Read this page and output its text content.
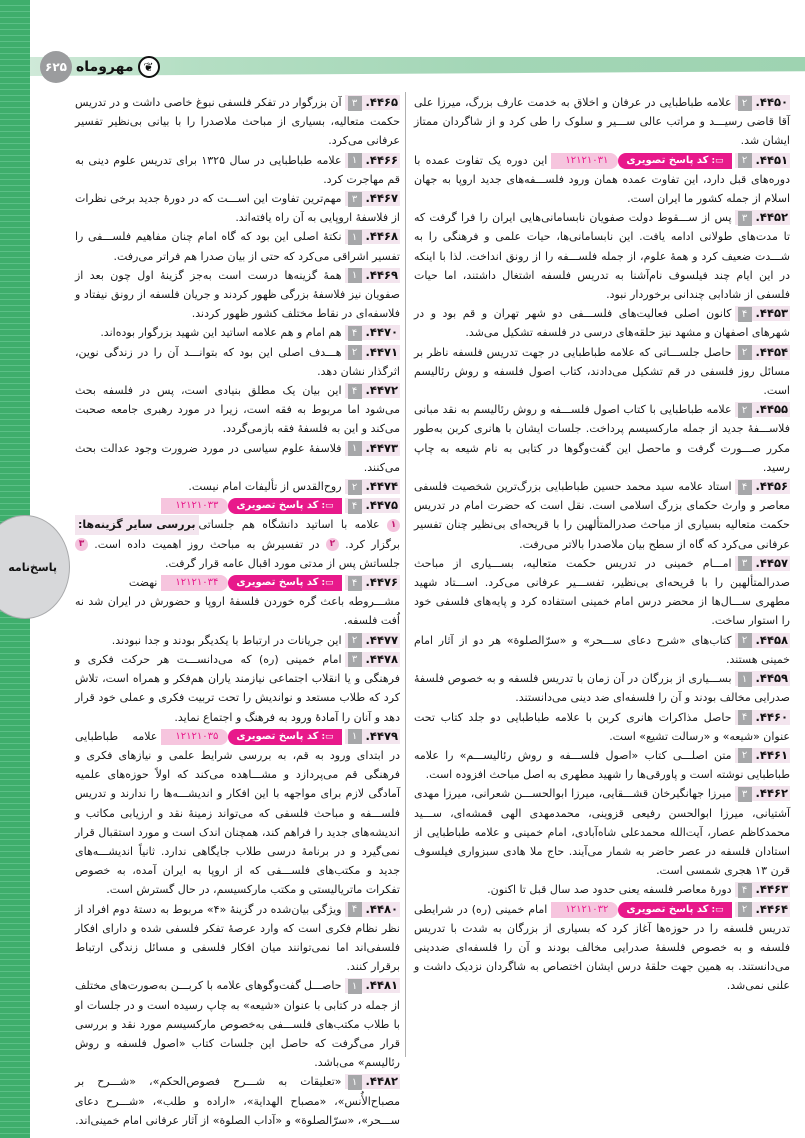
۶۲۵ مهروماه ❦
پاسخ‌نامه
۴۴۵۰.۲علامه طباطبایی در عرفان و اخلاق به خدمت عارف بزرگ، میرزا علی آقا قاضی رسیـــد و مراتب عالی ســـیر و سلوک را طی کرد و از شاگردان ممتاز ایشان شد.
۴۴۵۱.۲
▭:کد پاسخ تصویری
۱۲۱۲۱۰۳۱
این دوره یک تفاوت عمده با دوره‌های قبل دارد، این تفاوت عمده همان ورود فلســـفه‌های جدید اروپا به جهان اسلام از جمله کشور ما ایران است.
۴۴۵۲.۳پس از ســـقوط دولت صفویان نابسامانی‌هایی ایران را فرا گرفت که تا مدت‌های طولانی ادامه یافت. این نابسامانی‌ها، حیات علمی و فرهنگی را به شـــدت ضعیف کرد و همهٔ علوم، از جمله فلســـفه را از رونق انداخت. لذا با اینکه در این ایام چند فیلسوف نام‌آشنا به تدریس فلسفه اشتغال داشتند، اما حیات فلسفی از شادابی چندانی برخوردار نبود.
۴۴۵۳.۴کانون اصلی فعالیت‌های فلســـفی دو شهر تهران و قم بود و در شهرهای اصفهان و مشهد نیز حلقه‌های درسی در فلسفه تشکیل می‌شد.
۴۴۵۴.۲حاصل جلســـاتی که علامه طباطبایی در جهت تدریس فلسفه ناظر بر مسائل روز فلسفی در قم تشکیل می‌دادند، کتاب اصول فلسفه و روش رئالیسم است.
۴۴۵۵.۲علامه طباطبایی با کتاب اصول فلســـفه و روش رئالیسم به نقد مبانی فلاســـفهٔ جدید از جمله مارکسیسم پرداخت. جلسات ایشان با هانری کربن به‌طور مکرر صـــورت گرفت و ماحصل این گفت‌وگوها در کتابی به نام شیعه به چاپ رسید.
۴۴۵۶.۴استاد علامه سید محمد حسین طباطبایی بزرگ‌ترین شخصیت فلسفی معاصر و وارث حکمای بزرگ اسلامی است. نقل است که حضرت امام در تدریس حکمت متعالیه بسیاری از مباحث صدرالمتألهین را با قریحه‌ای بی‌نظیر چنان تفسیر عرفانی می‌کرد که گاه از سطح بیان ملاصدرا بالاتر می‌رفت.
۴۴۵۷.۳امـــام خمینی در تدریس حکمت متعالیه، بســـیاری از مباحث صدرالمتألهین را با قریحه‌ای بی‌نظیر، تفســـیر عرفانی می‌کرد. اســـتاد شهید مطهری ســـال‌ها از محضر درس امام خمینی استفاده کرد و پایه‌های فلسفی خود را استوار ساخت.
۴۴۵۸.۲کتاب‌های «شرح دعای ســـحر» و «سرّالصلوة» هر دو از آثار امام خمینی هستند.
۴۴۵۹.۱بســـیاری از بزرگان در آن زمان با تدریس فلسفه و به خصوص فلسفهٔ صدرایی مخالف بودند و آن را فلسفه‌ای ضد دینی می‌دانستند.
۴۴۶۰.۴حاصل مذاکرات هانری کربن با علامه طباطبایی دو جلد کتاب تحت عنوان «شیعه» و «رسالت تشیع» است.
۴۴۶۱.۲متن اصلـــی کتاب «اصول فلســـفه و روش رئالیســـم» را علامه طباطبایی نوشته است و پاورقی‌ها را شهید مطهری به اصل مباحث افزوده است.
۴۴۶۲.۳میرزا جهانگیرخان قشـــقایی، میرزا ابوالحســـن شعرانی، میرزا مهدی آشتیانی، میرزا ابوالحسن رفیعی قزوینی، محمدمهدی الهی قمشه‌ای، ســـید محمدکاظم عصار، آیت‌الله محمدعلی شاه‌آبادی، امام خمینی و علامه طباطبایی از استادان فلسفه در عصر حاضر به شمار می‌آیند. حاج ملا هادی سبزواری فیلسوف قرن ۱۳ هجری شمسی است.
۴۴۶۳.۴دورهٔ معاصر فلسفه یعنی حدود صد سال قبل تا اکنون.
۴۴۶۴.۲
▭:کد پاسخ تصویری
۱۲۱۲۱۰۳۲
امام خمینی (ره) در شرایطی تدریس فلسفه را در حوزه‌ها آغاز کرد که بسیاری از بزرگان به شدت با تدریس فلسفه و به خصوص فلسفهٔ صدرایی مخالف بودند و آن را فلسفه‌ای ضددینی می‌دانستند. به همین جهت حلقهٔ درس ایشان اختصاص به شاگردان نزدیک داشت و علنی نمی‌شد.
۴۴۶۵.۳آن بزرگوار در تفکر فلسفی نبوغ خاصی داشت و در تدریس حکمت متعالیه، بسیاری از مباحث ملاصدرا را با بیانی بی‌نظیر تفسیر عرفانی می‌کرد.
۴۴۶۶.۱علامه طباطبایی در سال ۱۳۲۵ برای تدریس علوم دینی به قم مهاجرت کرد.
۴۴۶۷.۳مهم‌ترین تفاوت این اســـت که در دورهٔ جدید برخی نظرات از فلاسفهٔ اروپایی به آن راه یافته‌اند.
۴۴۶۸.۱نکتهٔ اصلی این بود که گاه امام چنان مفاهیم فلســـفی را تفسیر اشراقی می‌کرد که حتی از بیان صدرا هم فراتر می‌رفت.
۴۴۶۹.۱همهٔ گزینه‌ها درست است به‌جز گزینهٔ اول چون بعد از صفویان نیز فلاسفهٔ بزرگی ظهور کردند و جریان فلسفه از رونق نیفتاد و فلاسفه‌ای در نقاط مختلف کشور ظهور کردند.
۴۴۷۰.۴هم امام و هم علامه اساتید این شهید بزرگوار بوده‌اند.
۴۴۷۱.۲هـــدف اصلی این بود که بتوانـــد آن را در زندگی نوین، اثرگذار نشان دهد.
۴۴۷۲.۴این بیان یک مطلق بنیادی است، پس در فلسفه بحث می‌شود اما مربوط به فقه است، زیرا در مورد رهبری جامعه صحبت می‌کند و این به فلسفهٔ فقه بازمی‌گردد.
۴۴۷۳.۱فلاسفهٔ علوم سیاسی در مورد ضرورت وجود عدالت بحث می‌کنند.
۴۴۷۴.۲روح‌القدس از تألیفات امام نیست.
۴۴۷۵.۴
▭:کد پاسخ تصویری
۱۲۱۲۱۰۳۳
بررسی سایر گزینه‌ها:	۱ علامه با اساتید دانشگاه هم جلساتی برگزار کرد. ۲ در تفسیرش به مباحث روز اهمیت داده است. ۳ جلساتش پس از مدتی مورد اقبال عامه قرار گرفت.
۴۴۷۶.۴
▭:کد پاسخ تصویری
۱۲۱۲۱۰۳۴
نهضت مشـــروطه باعث گره خوردن فلسفهٔ اروپا و حضورش در ایران شد نه اُفت فلسفه.
۴۴۷۷.۲این جریانات در ارتباط با یکدیگر بودند و جدا نبودند.
۴۴۷۸.۳امام خمینی (ره) که می‌دانســـت هر حرکت فکری و فرهنگی و یا انقلاب اجتماعی نیازمند یاران هم‌فکر و همراه است، تلاش کرد که طلاب مستعد و نواندیش را تحت تربیت فکری و عملی خود قرار دهد و آنان را آمادهٔ ورود به فرهنگ و اجتماع نماید.
۴۴۷۹.۱
▭:کد پاسخ تصویری
۱۲۱۲۱۰۳۵
علامه طباطبایی در ابتدای ورود به قم، به بررسی شرایط علمی و نیازهای فکری و فرهنگی قم می‌پردازد و مشـــاهده می‌کند که اولاً حوزه‌های علمیه آمادگی لازم برای مواجهه با این افکار و اندیشـــه‌ها را ندارند و تدریس فلســـفه و مباحث فلسفی که می‌تواند زمینهٔ نقد و ارزیابی مکاتب و اندیشه‌های جدید را فراهم کند، همچنان اندک است و مورد استقبال قرار نمی‌گیرد و در برنامهٔ درسی طلاب جایگاهی ندارد. ثانیاً اندیشـــه‌های جدید و مکتب‌های فلســـفی که از اروپا به ایران آمده، به خصوص تفکرات ماتریالیستی و مکتب مارکسیسم، در حال گسترش است.
۴۴۸۰.۴ویژگی بیان‌شده در گزینهٔ «۴» مربوط به دستهٔ دوم افراد از نظر نظام فکری است که وارد عرصهٔ تفکر فلسفی شده و دارای افکار فلسفی‌اند اما نمی‌توانند میان افکار فلسفی و مسائل زندگی ارتباط برقرار کنند.
۴۴۸۱.۱حاصـــل گفت‌وگوهای علامه با کربـــن به‌صورت‌های مختلف از جمله در کتابی با عنوان «شیعه» به چاپ رسیده است و در جلسات او با طلاب مکتب‌های فلســـفی به‌خصوص مارکسیسم مورد نقد و بررسی قرار می‌گرفت که حاصل این جلسات کتاب «اصول فلسفه و روش رئالیسم» می‌باشد.
۴۴۸۲.۱«تعلیقات به شـــرح فصوص‌الحکم»، «شـــرح بر مصباح‌الأُنس»، «مصباح الهدایة»، «اراده و طلب»، «شـــرح دعای ســـحر»، «سرّالصلوة» و «آداب الصلوة» از آثار عرفانی امام خمینی‌اند.
